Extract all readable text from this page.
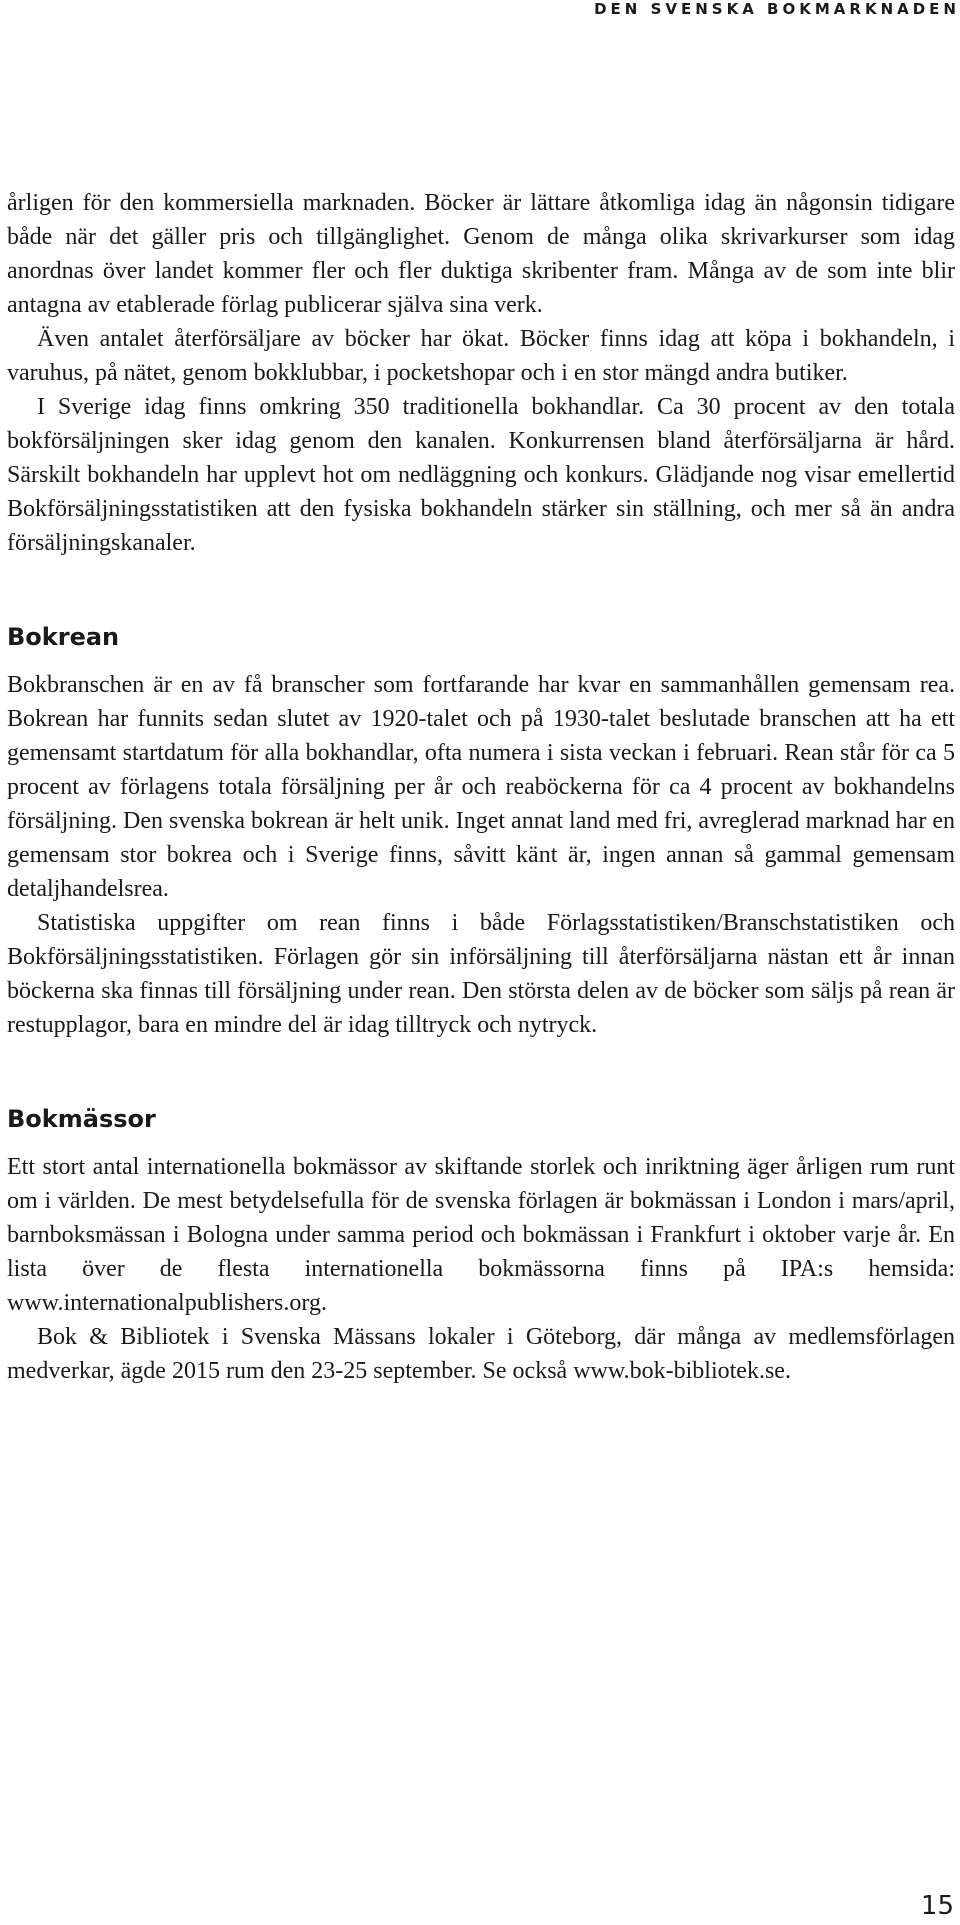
DEN SVENSKA BOKMARKNADEN

årligen för den kommersiella marknaden. Böcker är lättare åtkomliga idag än någonsin tidigare både när det gäller pris och tillgänglighet. Genom de många olika skrivarkurser som idag anordnas över landet kommer fler och fler duktiga skribenter fram. Många av de som inte blir antagna av etablerade förlag publicerar själva sina verk.

Även antalet återförsäljare av böcker har ökat. Böcker finns idag att köpa i bokhandeln, i varuhus, på nätet, genom bokklubbar, i pocketshopar och i en stor mängd andra butiker.

I Sverige idag finns omkring 350 traditionella bokhandlar. Ca 30 procent av den totala bokförsäljningen sker idag genom den kanalen. Konkurrensen bland återförsäljarna är hård. Särskilt bokhandeln har upplevt hot om nedläggning och konkurs. Glädjande nog visar emellertid Bokförsäljningsstatistiken att den fysiska bokhandeln stärker sin ställning, och mer så än andra försäljningskanaler.

Bokrean

Bokbranschen är en av få branscher som fortfarande har kvar en sammanhållen gemensam rea. Bokrean har funnits sedan slutet av 1920-talet och på 1930-talet beslutade branschen att ha ett gemensamt startdatum för alla bokhandlar, ofta numera i sista veckan i februari. Rean står för ca 5 procent av förlagens totala försäljning per år och reaböckerna för ca 4 procent av bokhandelns försäljning. Den svenska bokrean är helt unik. Inget annat land med fri, avreglerad marknad har en gemensam stor bokrea och i Sverige finns, såvitt känt är, ingen annan så gammal gemensam detaljhandelsrea.

Statistiska uppgifter om rean finns i både Förlagsstatistiken/Branschstatistiken och Bokförsäljningsstatistiken. Förlagen gör sin införsäljning till återförsäljarna nästan ett år innan böckerna ska finnas till försäljning under rean. Den största delen av de böcker som säljs på rean är restupplagor, bara en mindre del är idag tilltryck och nytryck.

Bokmässor

Ett stort antal internationella bokmässor av skiftande storlek och inriktning äger årligen rum runt om i världen. De mest betydelsefulla för de svenska förlagen är bokmässan i London i mars/april, barnboksmässan i Bologna under samma period och bokmässan i Frankfurt i oktober varje år. En lista över de flesta internationella bokmässorna finns på IPA:s hemsida: www.internationalpublishers.org.

Bok & Bibliotek i Svenska Mässans lokaler i Göteborg, där många av medlemsförlagen medverkar, ägde 2015 rum den 23-25 september. Se också www.bok-bibliotek.se.

15
